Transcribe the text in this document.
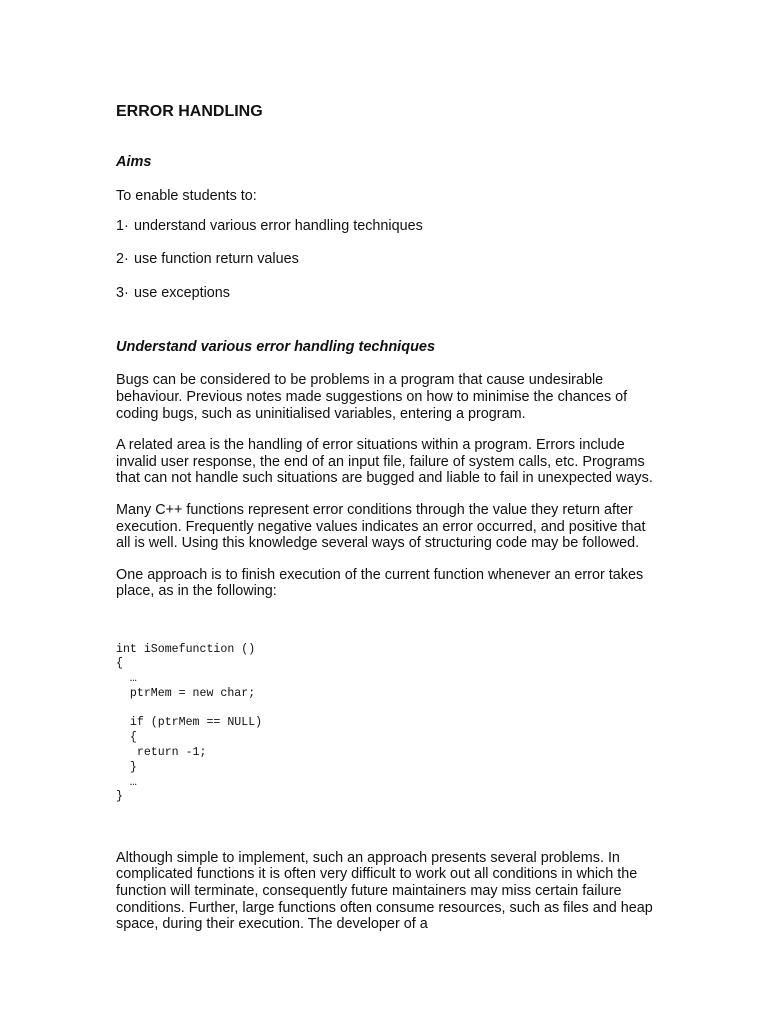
ERROR HANDLING
Aims

To enable students to:

1· understand various error handling techniques
2· use function return values
3· use exceptions
Understand various error handling techniques

Bugs can be considered to be problems in a program that cause undesirable behaviour. Previous notes made suggestions on how to minimise the chances of coding bugs, such as uninitialised variables, entering a program.

A related area is the handling of error situations within a program. Errors include invalid user response, the end of an input file, failure of system calls, etc. Programs that can not handle such situations are bugged and liable to fail in unexpected ways.

Many C++ functions represent error conditions through the value they return after execution. Frequently negative values indicates an error occurred, and positive that all is well. Using this knowledge several ways of structuring code may be followed.

One approach is to finish execution of the current function whenever an error takes place, as in the following:

int iSomefunction ()
{
…
ptrMem = new char;
if (ptrMem == NULL)
{
return -1;
}
…
}

Although simple to implement, such an approach presents several problems. In complicated functions it is often very difficult to work out all conditions in which the function will terminate, consequently future maintainers may miss certain failure conditions. Further, large functions often consume resources, such as files and heap space, during their execution. The developer of a
